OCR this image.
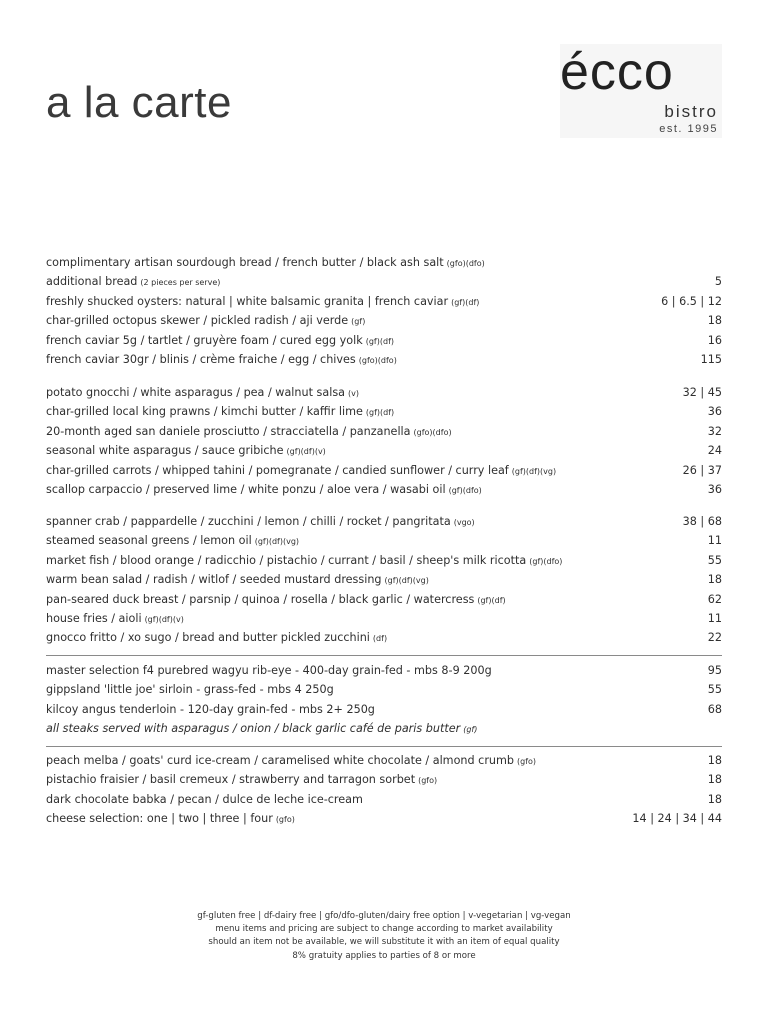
a la carte
écco
bistro
est. 1995
complimentary artisan sourdough bread / french butter / black ash salt (gfo)(dfo)
additional bread (2 pieces per serve)	5
freshly shucked oysters: natural | white balsamic granita | french caviar (gf)(df)	6 | 6.5 | 12
char-grilled octopus skewer / pickled radish / aji verde (gf)	18
french caviar 5g / tartlet / gruyère foam / cured egg yolk (gf)(df)	16
french caviar 30gr / blinis / crème fraiche / egg / chives (gfo)(dfo)	115
potato gnocchi / white asparagus / pea / walnut salsa (v)	32 | 45
char-grilled local king prawns / kimchi butter / kaffir lime (gf)(df)	36
20-month aged san daniele prosciutto / stracciatella / panzanella (gfo)(dfo)	32
seasonal white asparagus / sauce gribiche (gf)(df)(v)	24
char-grilled carrots / whipped tahini / pomegranate / candied sunflower / curry leaf (gf)(df)(vg)	26 | 37
scallop carpaccio / preserved lime / white ponzu / aloe vera / wasabi oil (gf)(dfo)	36
spanner crab / pappardelle / zucchini / lemon / chilli / rocket / pangritata (vgo)	38 | 68
steamed seasonal greens / lemon oil (gf)(df)(vg)	11
market fish / blood orange / radicchio / pistachio / currant / basil / sheep's milk ricotta (gf)(dfo)	55
warm bean salad / radish / witlof / seeded mustard dressing (gf)(df)(vg)	18
pan-seared duck breast / parsnip / quinoa / rosella / black garlic / watercress (gf)(df)	62
house fries / aioli (gf)(df)(v)	11
gnocco fritto / xo sugo / bread and butter pickled zucchini (df)	22
master selection f4 purebred wagyu rib-eye - 400-day grain-fed - mbs 8-9 200g	95
gippsland 'little joe' sirloin - grass-fed - mbs 4 250g	55
kilcoy angus tenderloin - 120-day grain-fed - mbs 2+ 250g	68
all steaks served with asparagus / onion / black garlic café de paris butter (gf)
peach melba / goats' curd ice-cream / caramelised white chocolate / almond crumb (gfo)	18
pistachio fraisier / basil cremeux / strawberry and tarragon sorbet (gfo)	18
dark chocolate babka / pecan / dulce de leche ice-cream	18
cheese selection: one | two | three | four (gfo)	14 | 24 | 34 | 44
gf-gluten free | df-dairy free | gfo/dfo-gluten/dairy free option | v-vegetarian | vg-vegan
menu items and pricing are subject to change according to market availability
should an item not be available, we will substitute it with an item of equal quality
8% gratuity applies to parties of 8 or more
